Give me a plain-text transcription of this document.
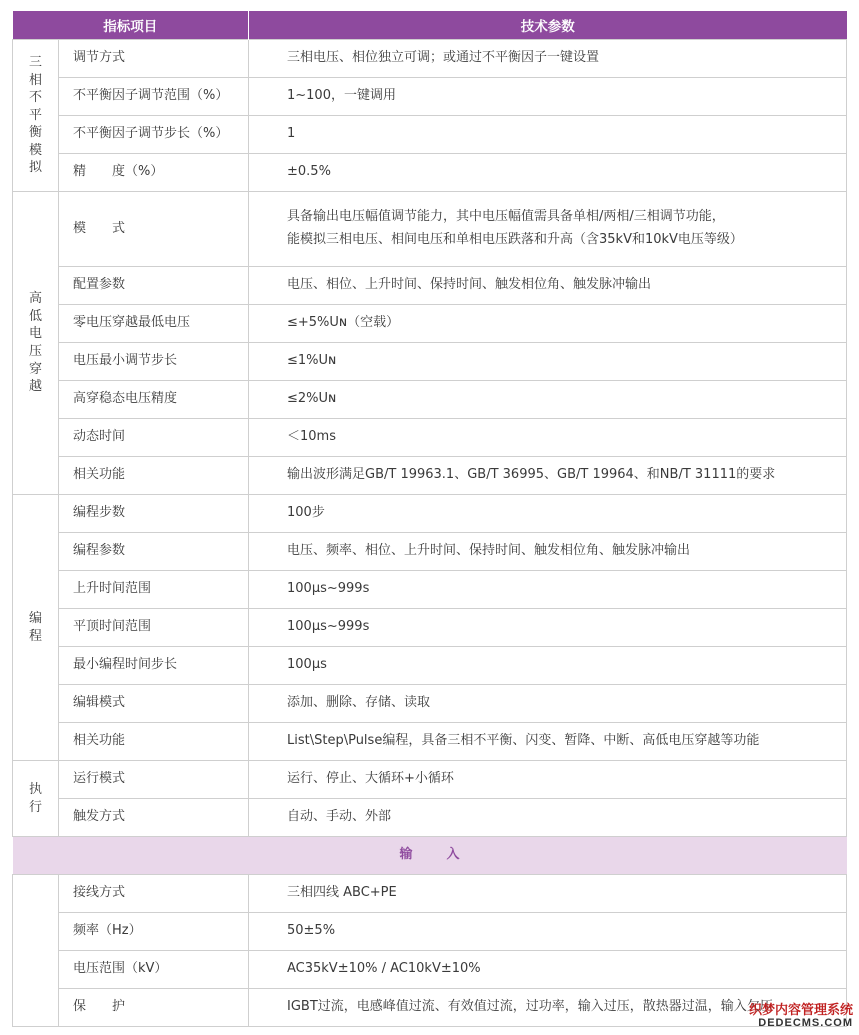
指标项目		技术参数
三相不平衡模拟	调节方式	三相电压、相位独立可调；或通过不平衡因子一键设置
	不平衡因子调节范围（%）	1~100，一键调用
	不平衡因子调节步长（%）	1
	精　　度（%）	±0.5%
高低电压穿越	模　　式	具备输出电压幅值调节能力，其中电压幅值需具备单相/两相/三相调节功能，
能模拟三相电压、相间电压和单相电压跌落和升高（含35kV和10kV电压等级）

	配置参数	电压、相位、上升时间、保持时间、触发相位角、触发脉冲输出
	零电压穿越最低电压	≤+5%Uɴ（空载）
	电压最小调节步长	≤1%Uɴ
	高穿稳态电压精度	≤2%Uɴ
	动态时间	＜10ms
	相关功能	输出波形满足GB/T 19963.1、GB/T 36995、GB/T 19964、和NB/T 31111的要求
编程	编程步数	100步
	编程参数	电压、频率、相位、上升时间、保持时间、触发相位角、触发脉冲输出
	上升时间范围	100μs~999s
	平顶时间范围	100μs~999s
	最小编程时间步长	100μs
	编辑模式	添加、删除、存储、读取
	相关功能	List\Step\Pulse编程，具备三相不平衡、闪变、暂降、中断、高低电压穿越等功能
执行	运行模式	运行、停止、大循环+小循环
	触发方式	自动、手动、外部
输入		
	接线方式	三相四线 ABC+PE
	频率（Hz）	50±5%
	电压范围（kV）	AC35kV±10% / AC10kV±10%
	保　　护	IGBT过流，电感峰值过流、有效值过流，过功率，输入过压，散热器过温，输入欠压
织梦内容管理系统
DEDECMS.COM
